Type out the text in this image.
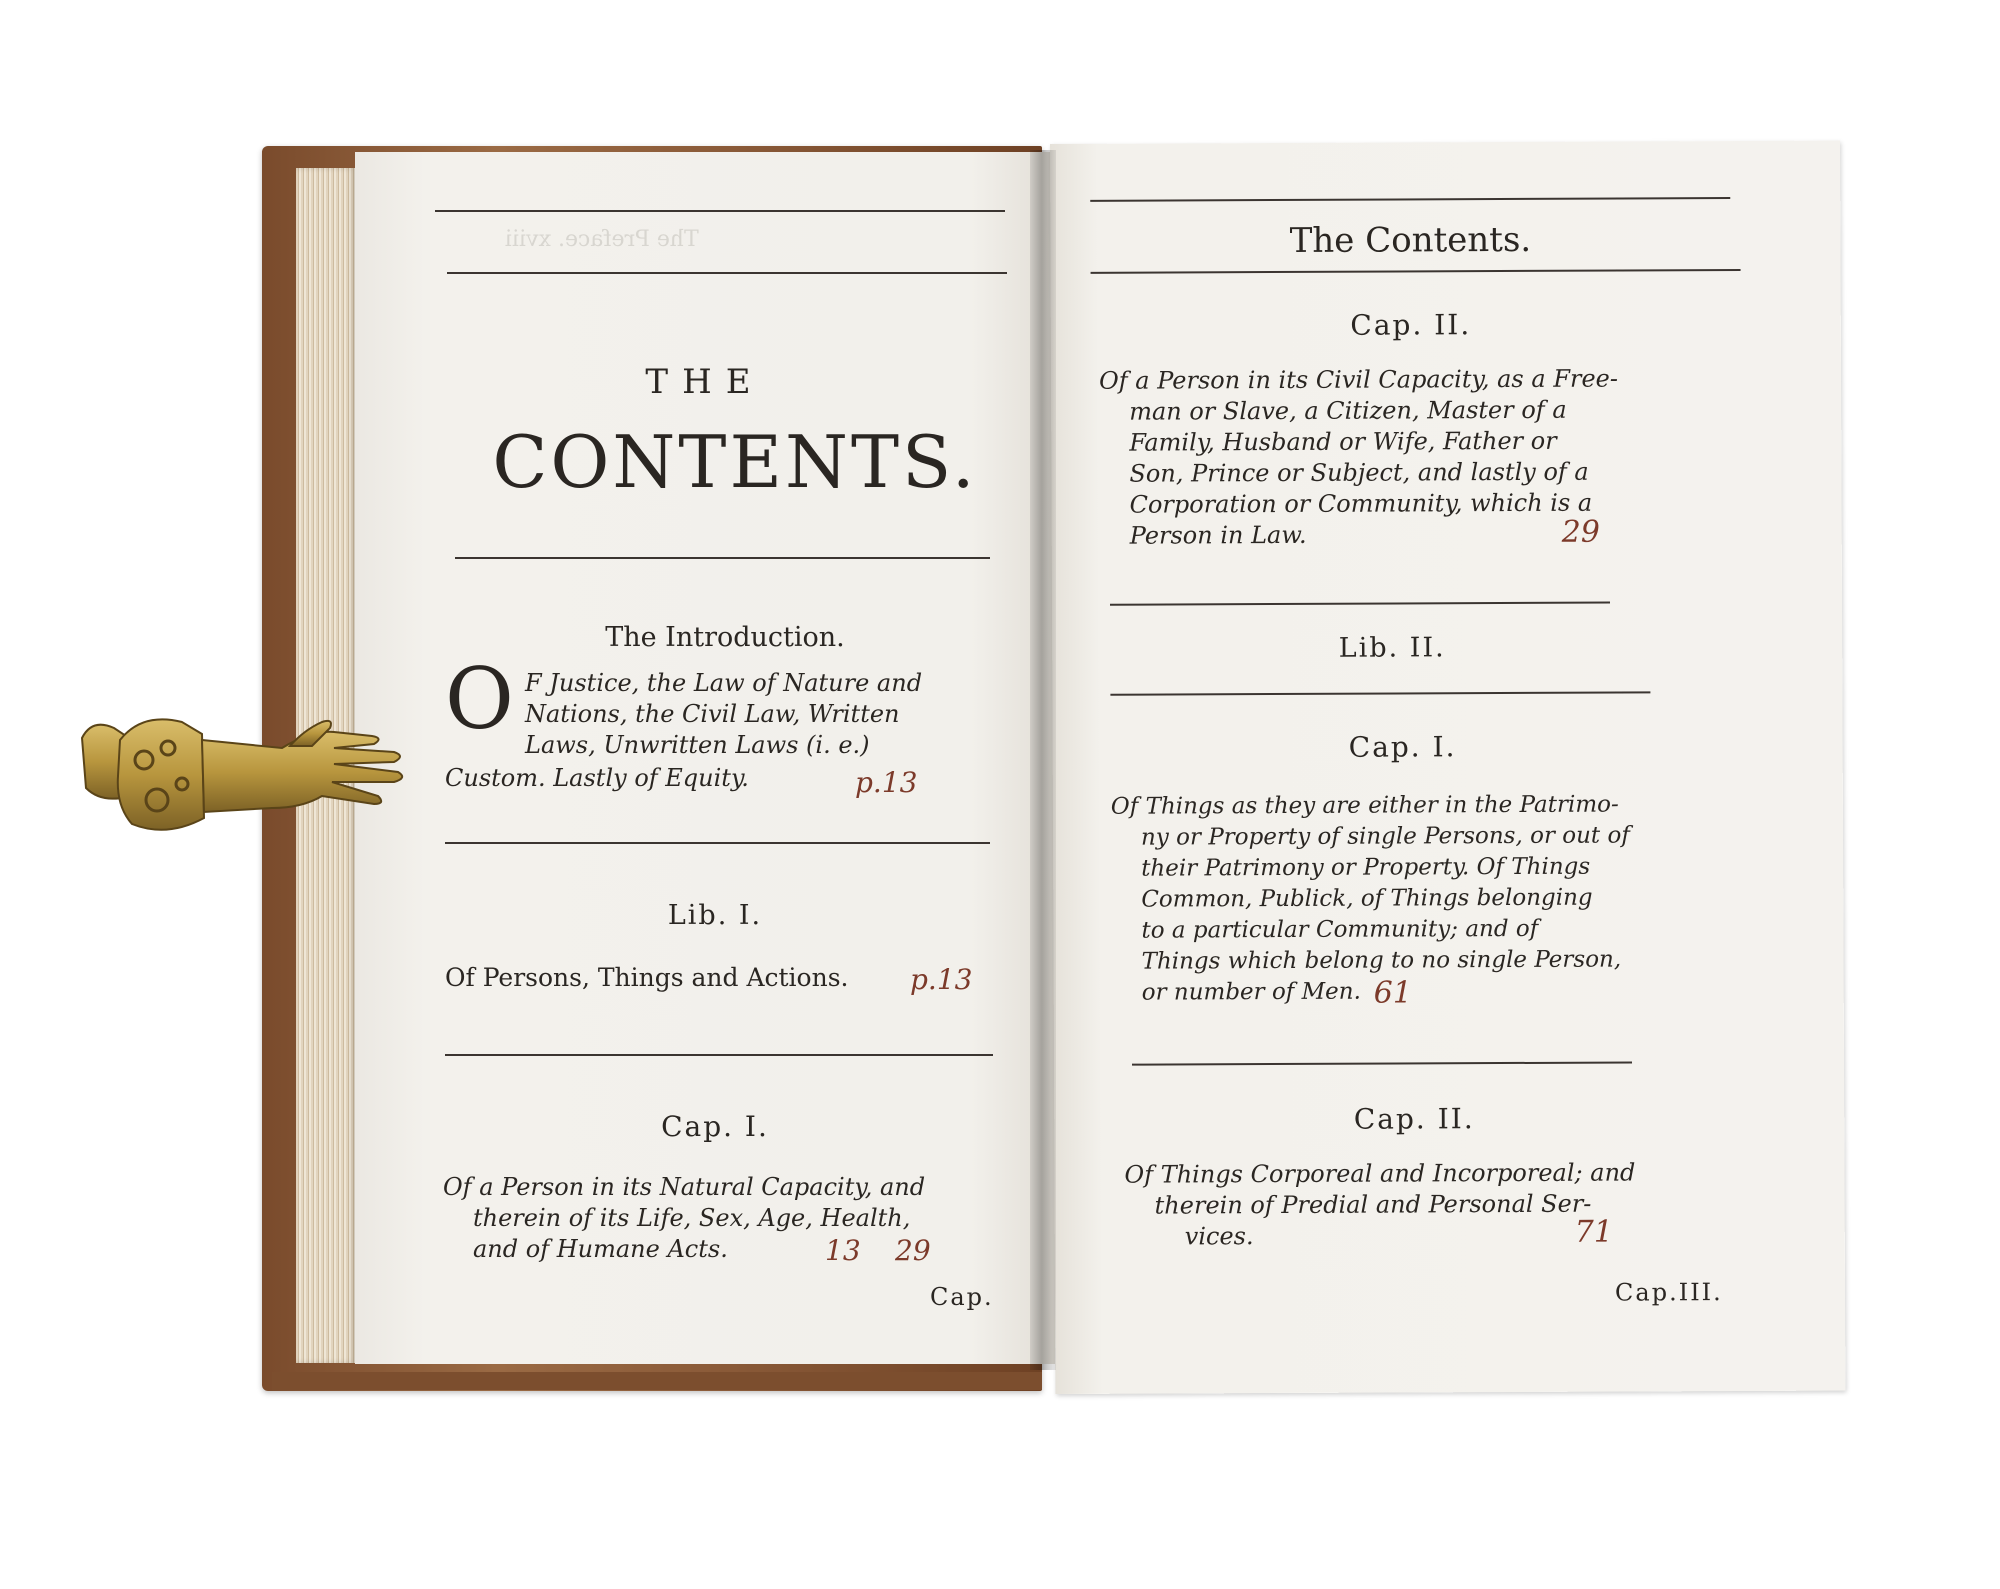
The Preface. xviii
THE
CONTENTS.
The Introduction.
O F Justice, the Law of Nature and
Nations, the Civil Law, Written
Laws, Unwritten Laws (i. e.)
Custom. Lastly of Equity.	p.13
Lib. I.
Of Persons, Things and Actions.	p.13
Cap. I.
Of a Person in its Natural Capacity, and
therein of its Life, Sex, Age, Health,
and of Humane Acts.	13 29
Cap.
The Contents.
Cap. II.
Of a Person in its Civil Capacity, as a Free-
man or Slave, a Citizen, Master of a
Family, Husband or Wife, Father or
Son, Prince or Subject, and lastly of a
Corporation or Community, which is a
Person in Law.	29
Lib. II.
Cap. I.
Of Things as they are either in the Patrimo-
ny or Property of single Persons, or out of
their Patrimony or Property. Of Things
Common, Publick, of Things belonging
to a particular Community; and of
Things which belong to no single Person,
or number of Men. 61
Cap. II.
Of Things Corporeal and Incorporeal; and
therein of Predial and Personal Ser-
vices.	71
Cap.III.
